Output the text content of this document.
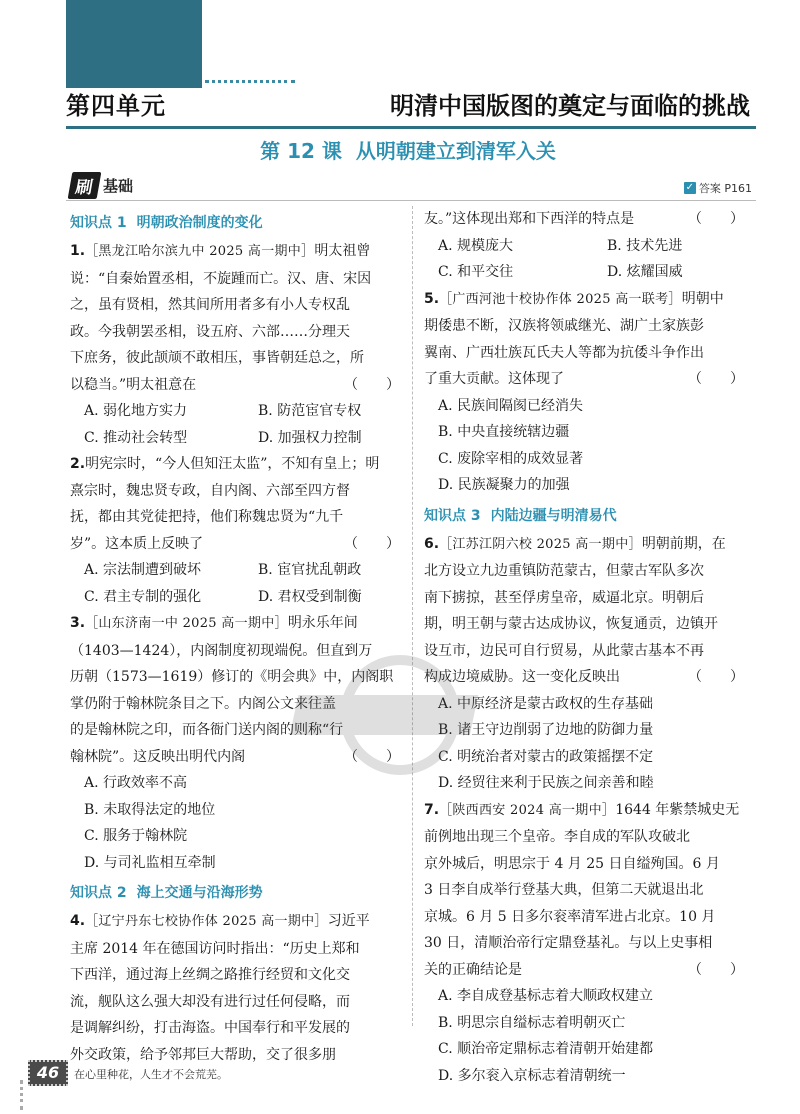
第四单元	明清中国版图的奠定与面临的挑战
第 12 课 从明朝建立到清军入关
刷 基础	✓ 答案 P161
知识点 1 明朝政治制度的变化
1.［黑龙江哈尔滨九中 2025 高一期中］明太祖曾
说：“自秦始置丞相，不旋踵而亡。汉、唐、宋因
之，虽有贤相，然其间所用者多有小人专权乱
政。今我朝罢丞相，设五府、六部……分理天
下庶务，彼此颉颃不敢相压，事皆朝廷总之，所
以稳当。”明太祖意在	（　　）
A. 弱化地方实力	B. 防范宦官专权
C. 推动社会转型	D. 加强权力控制
2.明宪宗时，“今人但知汪太监”，不知有皇上；明
熹宗时，魏忠贤专政，自内阁、六部至四方督
抚，都由其党徒把持，他们称魏忠贤为“九千
岁”。这本质上反映了	（　　）
A. 宗法制遭到破坏	B. 宦官扰乱朝政
C. 君主专制的强化	D. 君权受到制衡
3.［山东济南一中 2025 高一期中］明永乐年间
（1403—1424），内阁制度初现端倪。但直到万
历朝（1573—1619）修订的《明会典》中，内阁职
掌仍附于翰林院条目之下。内阁公文来往盖
的是翰林院之印，而各衙门送内阁的则称“行
翰林院”。这反映出明代内阁	（　　）
A. 行政效率不高
B. 未取得法定的地位
C. 服务于翰林院
D. 与司礼监相互牵制
知识点 2 海上交通与沿海形势
4.［辽宁丹东七校协作体 2025 高一期中］习近平
主席 2014 年在德国访问时指出：“历史上郑和
下西洋，通过海上丝绸之路推行经贸和文化交
流，舰队这么强大却没有进行过任何侵略，而
是调解纠纷，打击海盗。中国奉行和平发展的
外交政策，给予邻邦巨大帮助，交了很多朋
友。”这体现出郑和下西洋的特点是	（　　）
A. 规模庞大	B. 技术先进
C. 和平交往	D. 炫耀国威
5.［广西河池十校协作体 2025 高一联考］明朝中
期倭患不断，汉族将领戚继光、湖广土家族彭
翼南、广西壮族瓦氏夫人等都为抗倭斗争作出
了重大贡献。这体现了	（　　）
A. 民族间隔阂已经消失
B. 中央直接统辖边疆
C. 废除宰相的成效显著
D. 民族凝聚力的加强
知识点 3 内陆边疆与明清易代
6.［江苏江阴六校 2025 高一期中］明朝前期，在
北方设立九边重镇防范蒙古，但蒙古军队多次
南下掳掠，甚至俘虏皇帝，威逼北京。明朝后
期，明王朝与蒙古达成协议，恢复通贡，边镇开
设互市，边民可自行贸易，从此蒙古基本不再
构成边境威胁。这一变化反映出	（　　）
A. 中原经济是蒙古政权的生存基础
B. 诸王守边削弱了边地的防御力量
C. 明统治者对蒙古的政策摇摆不定
D. 经贸往来利于民族之间亲善和睦
7.［陕西西安 2024 高一期中］1644 年紫禁城史无
前例地出现三个皇帝。李自成的军队攻破北
京外城后，明思宗于 4 月 25 日自缢殉国。6 月
3 日李自成举行登基大典，但第二天就退出北
京城。6 月 5 日多尔衮率清军进占北京。10 月
30 日，清顺治帝行定鼎登基礼。与以上史事相
关的正确结论是	（　　）
A. 李自成登基标志着大顺政权建立
B. 明思宗自缢标志着明朝灭亡
C. 顺治帝定鼎标志着清朝开始建都
D. 多尔衮入京标志着清朝统一
46	在心里种花，人生才不会荒芜。
